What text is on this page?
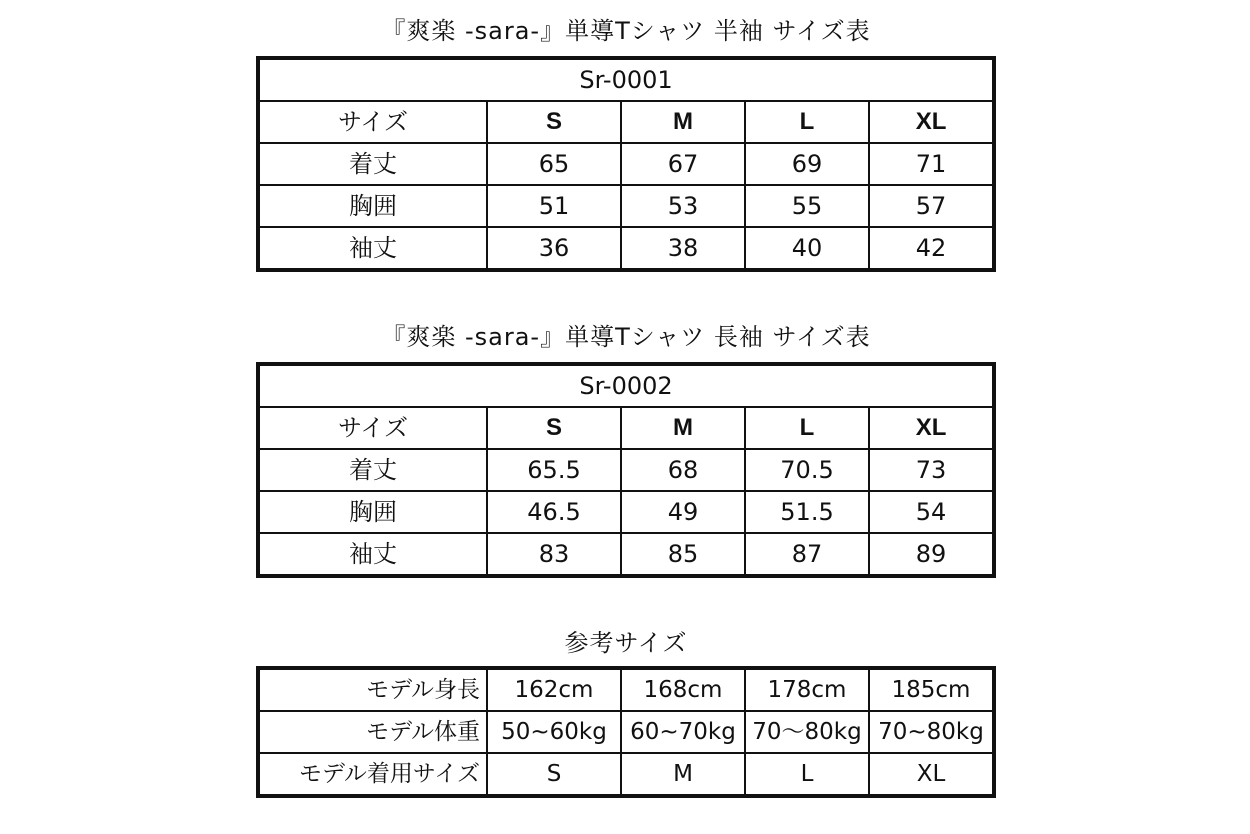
『爽楽 -sara-』単導Tシャツ 半袖 サイズ表
Sr-0001				
サイズ	S	M	L	XL
着丈	65	67	69	71
胸囲	51	53	55	57
袖丈	36	38	40	42
『爽楽 -sara-』単導Tシャツ 長袖 サイズ表
Sr-0002				
サイズ	S	M	L	XL
着丈	65.5	68	70.5	73
胸囲	46.5	49	51.5	54
袖丈	83	85	87	89
参考サイズ
モデル身長	162cm	168cm	178cm	185cm
モデル体重	50~60kg	60~70kg	70〜80kg	70~80kg
モデル着用サイズ	S	M	L	XL
